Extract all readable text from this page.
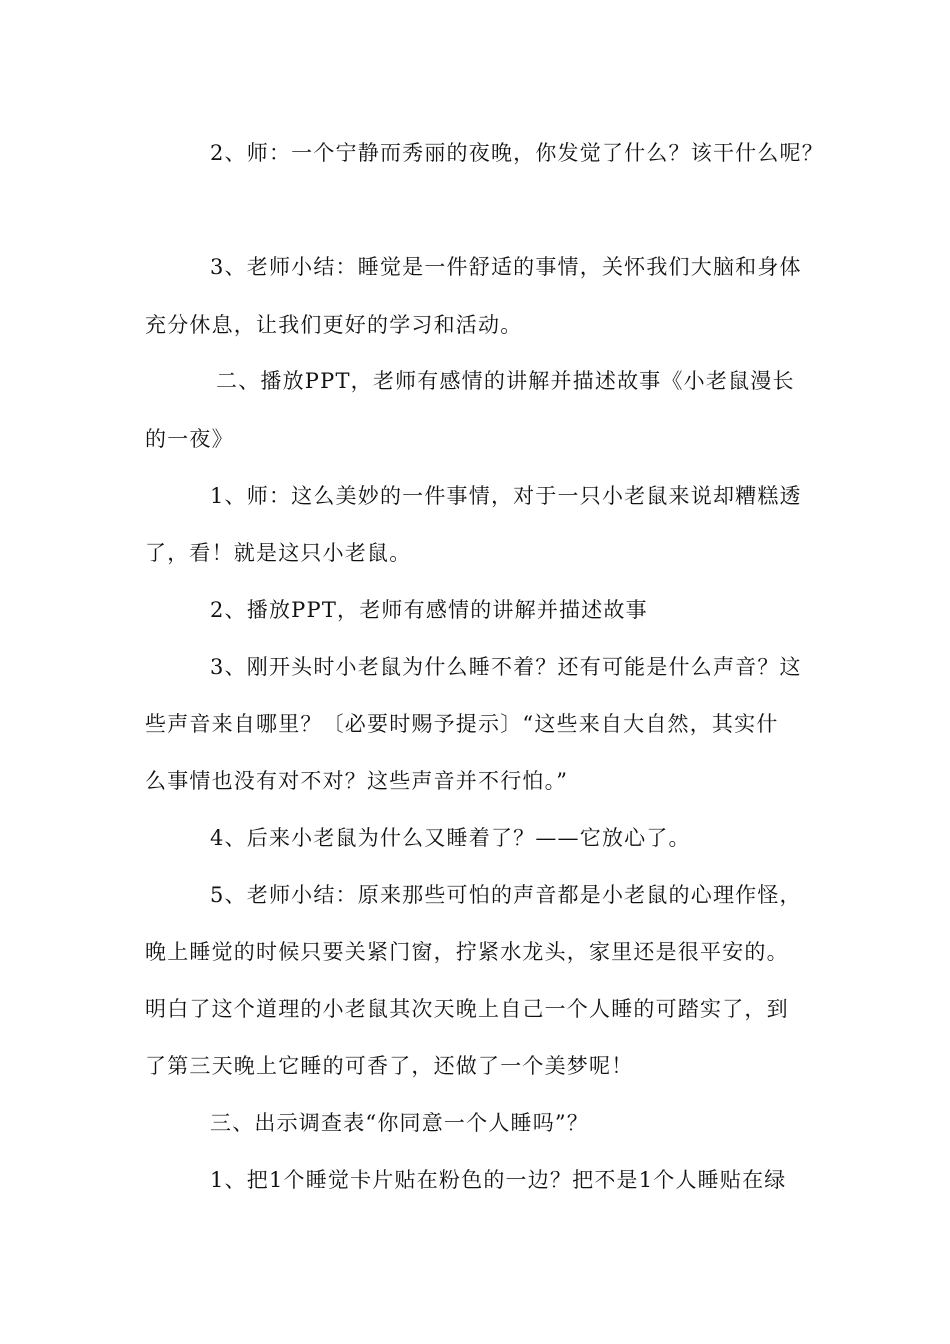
2、师：一个宁静而秀丽的夜晚，你发觉了什么？该干什么呢？
3、老师小结：睡觉是一件舒适的事情，关怀我们大脑和身体
充分休息，让我们更好的学习和活动。
二、播放PPT，老师有感情的讲解并描述故事《小老鼠漫长
的一夜》
1、师：这么美妙的一件事情，对于一只小老鼠来说却糟糕透
了，看！就是这只小老鼠。
2、播放PPT，老师有感情的讲解并描述故事
3、刚开头时小老鼠为什么睡不着？还有可能是什么声音？这
些声音来自哪里？〔必要时赐予提示〕“这些来自大自然，其实什
么事情也没有对不对？这些声音并不行怕。”
4、后来小老鼠为什么又睡着了？——它放心了。
5、老师小结：原来那些可怕的声音都是小老鼠的心理作怪，
晚上睡觉的时候只要关紧门窗，拧紧水龙头，家里还是很平安的。
明白了这个道理的小老鼠其次天晚上自己一个人睡的可踏实了，到
了第三天晚上它睡的可香了，还做了一个美梦呢！
三、出示调查表“你同意一个人睡吗”？
1、把1个睡觉卡片贴在粉色的一边？把不是1个人睡贴在绿
